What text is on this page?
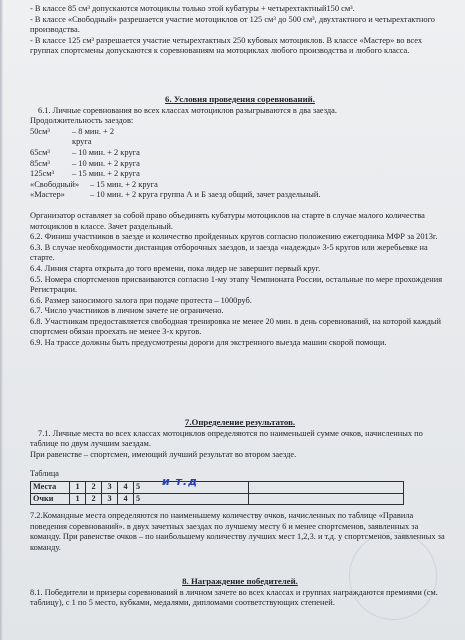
- В классе 85 см³ допускаются мотоциклы только этой кубатуры + четырехтактный150 см³.

- В классе «Свободный» разрешается участие мотоциклов от 125 см³ до 500 см³, двухтактного и четырехтактного производства.

- В классе 125 см³ разрешается участие четырехтактных 250 кубовых мотоциклов. В классе «Мастер» во всех группах спортсмены допускаются к соревнованиям на мотоциклах любого производства и любого класса.

6. Условия проведения соревнований.

6.1. Личные соревнования во всех классах мотоциклов разыгрываются в два заезда.

Продолжительность заездов:

50см³	– 8 мин. + 2 круга
65см³	– 10 мин. + 2 круга
85см³	– 10 мин. + 2 круга
125см³	– 15 мин. + 2 круга
«Свободный»	– 15 мин. + 2 круга
«Мастер»	– 10 мин. + 2 круга группа А и Б заезд общий, зачет раздельный.

Организатор оставляет за собой право объединять кубатуры мотоциклов на старте в случае малого количества мотоциклов в классе. Зачет раздельный.

6.2. Финиш участников в заезде и количество пройденных кругов согласно положению ежегодника МФР за 2013г.

6.3. В случае необходимости дистанция отборочных заездов, и заезда «надежды» 3-5 кругов или жеребьевке на старте.

6.4. Линия старта открыта до того времени, пока лидер не завершит первый круг.

6.5. Номера спортсменов присваиваются согласно 1-му этапу Чемпионата России, остальные по мере прохождения Регистрации.

6.6. Размер заносимого залога при подаче протеста – 1000руб.

6.7. Число участников в личном зачете не ограничено.

6.8. Участникам предоставляется свободная тренировка не менее 20 мин. в день соревнований, на которой каждый спортсмен обязан проехать не менее 3-х кругов.

6.9. На трассе должны быть предусмотрены дороги для экстренного выезда машин скорой помощи.

7.Определение результатов.

7.1. Личные места во всех классах мотоциклов определяются по наименьшей сумме очков, начисленных по таблице по двум лучшим заездам.

При равенстве – спортсмен, имеющий лучший результат во втором заезде.

Таблица

Места	1	2	3	4	5 и т.д	

Очки	1	2	3	4	5	

7.2.Командные места определяются по наименьшему количеству очков, начисленных по таблице «Правила поведения соревнований». в двух зачетных заездах по лучшему месту 6 и менее спортсменов, заявленных за команду. При равенстве очков – по наибольшему количеству лучших мест 1,2,3. и т.д. у спортсменов, заявленных за команду.

8. Награждение победителей.

8.1. Победители и призеры соревнований в личном зачете во всех классах и группах награждаются премиями (см. таблицу), с 1 по 5 место, кубками, медалями, дипломами соответствующих степеней.
